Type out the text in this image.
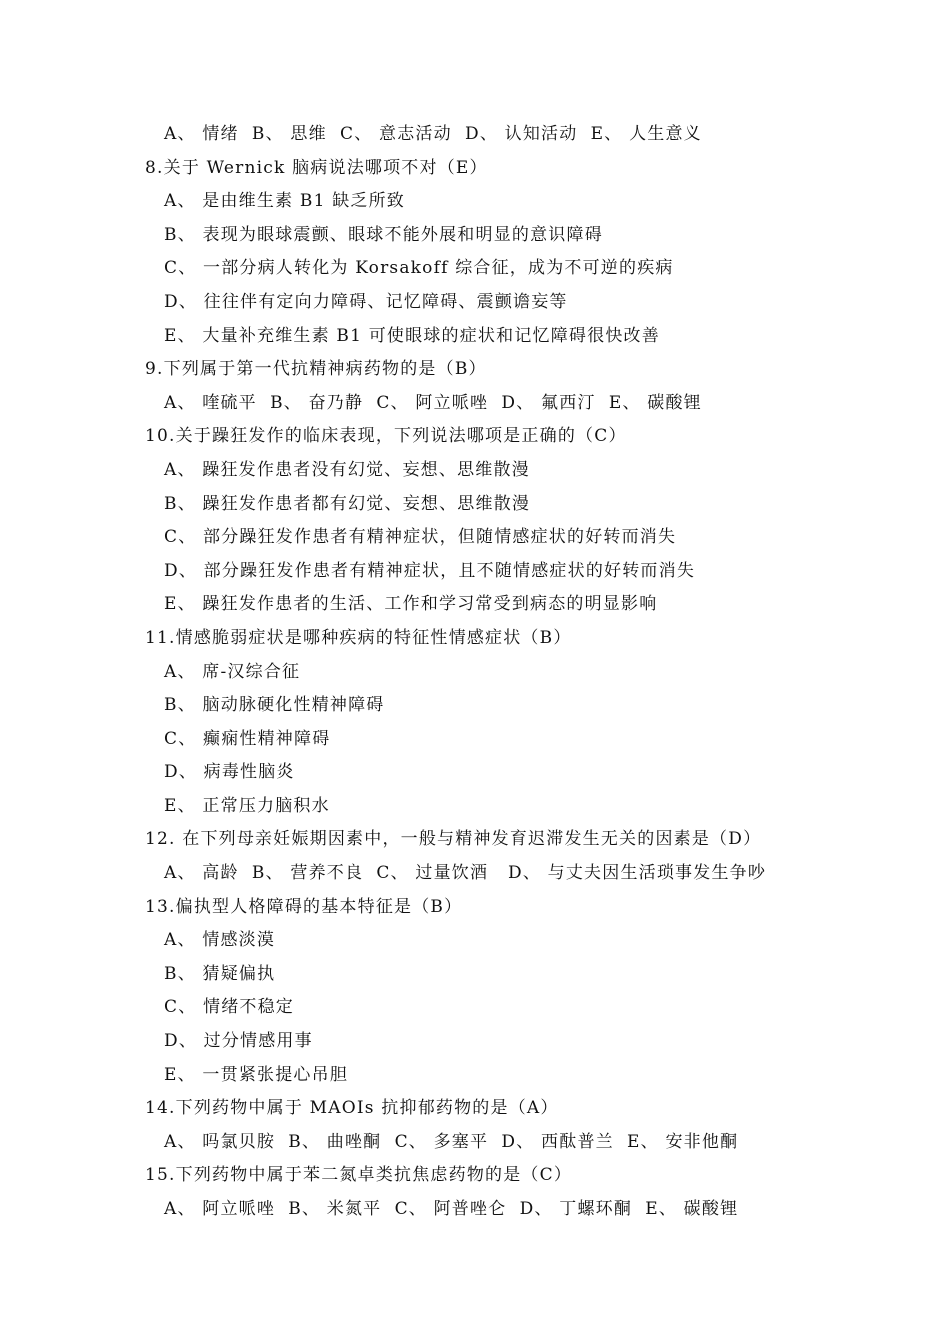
A、 情绪  B、 思维  C、 意志活动  D、 认知活动  E、 人生意义
8.关于 Wernick 脑病说法哪项不对（E）
A、 是由维生素 B1 缺乏所致
B、 表现为眼球震颤、眼球不能外展和明显的意识障碍
C、 一部分病人转化为 Korsakoff 综合征，成为不可逆的疾病
D、 往往伴有定向力障碍、记忆障碍、震颤谵妄等
E、 大量补充维生素 B1 可使眼球的症状和记忆障碍很快改善
9.下列属于第一代抗精神病药物的是（B）
A、 喹硫平  B、 奋乃静  C、 阿立哌唑  D、 氟西汀  E、 碳酸锂
10.关于躁狂发作的临床表现，下列说法哪项是正确的（C）
A、 躁狂发作患者没有幻觉、妄想、思维散漫
B、 躁狂发作患者都有幻觉、妄想、思维散漫
C、 部分躁狂发作患者有精神症状，但随情感症状的好转而消失
D、 部分躁狂发作患者有精神症状，且不随情感症状的好转而消失
E、 躁狂发作患者的生活、工作和学习常受到病态的明显影响
11.情感脆弱症状是哪种疾病的特征性情感症状（B）
A、 席-汉综合征
B、 脑动脉硬化性精神障碍
C、 癫痫性精神障碍
D、 病毒性脑炎
E、 正常压力脑积水
12. 在下列母亲妊娠期因素中，一般与精神发育迟滞发生无关的因素是（D）
A、 高龄  B、 营养不良  C、 过量饮酒   D、 与丈夫因生活琐事发生争吵
13.偏执型人格障碍的基本特征是（B）
A、 情感淡漠
B、 猜疑偏执
C、 情绪不稳定
D、 过分情感用事
E、 一贯紧张提心吊胆
14.下列药物中属于 MAOIs 抗抑郁药物的是（A）
A、 吗氯贝胺  B、 曲唑酮  C、 多塞平  D、 西酞普兰  E、 安非他酮
15.下列药物中属于苯二氮卓类抗焦虑药物的是（C）
A、 阿立哌唑  B、 米氮平  C、 阿普唑仑  D、 丁螺环酮  E、 碳酸锂
